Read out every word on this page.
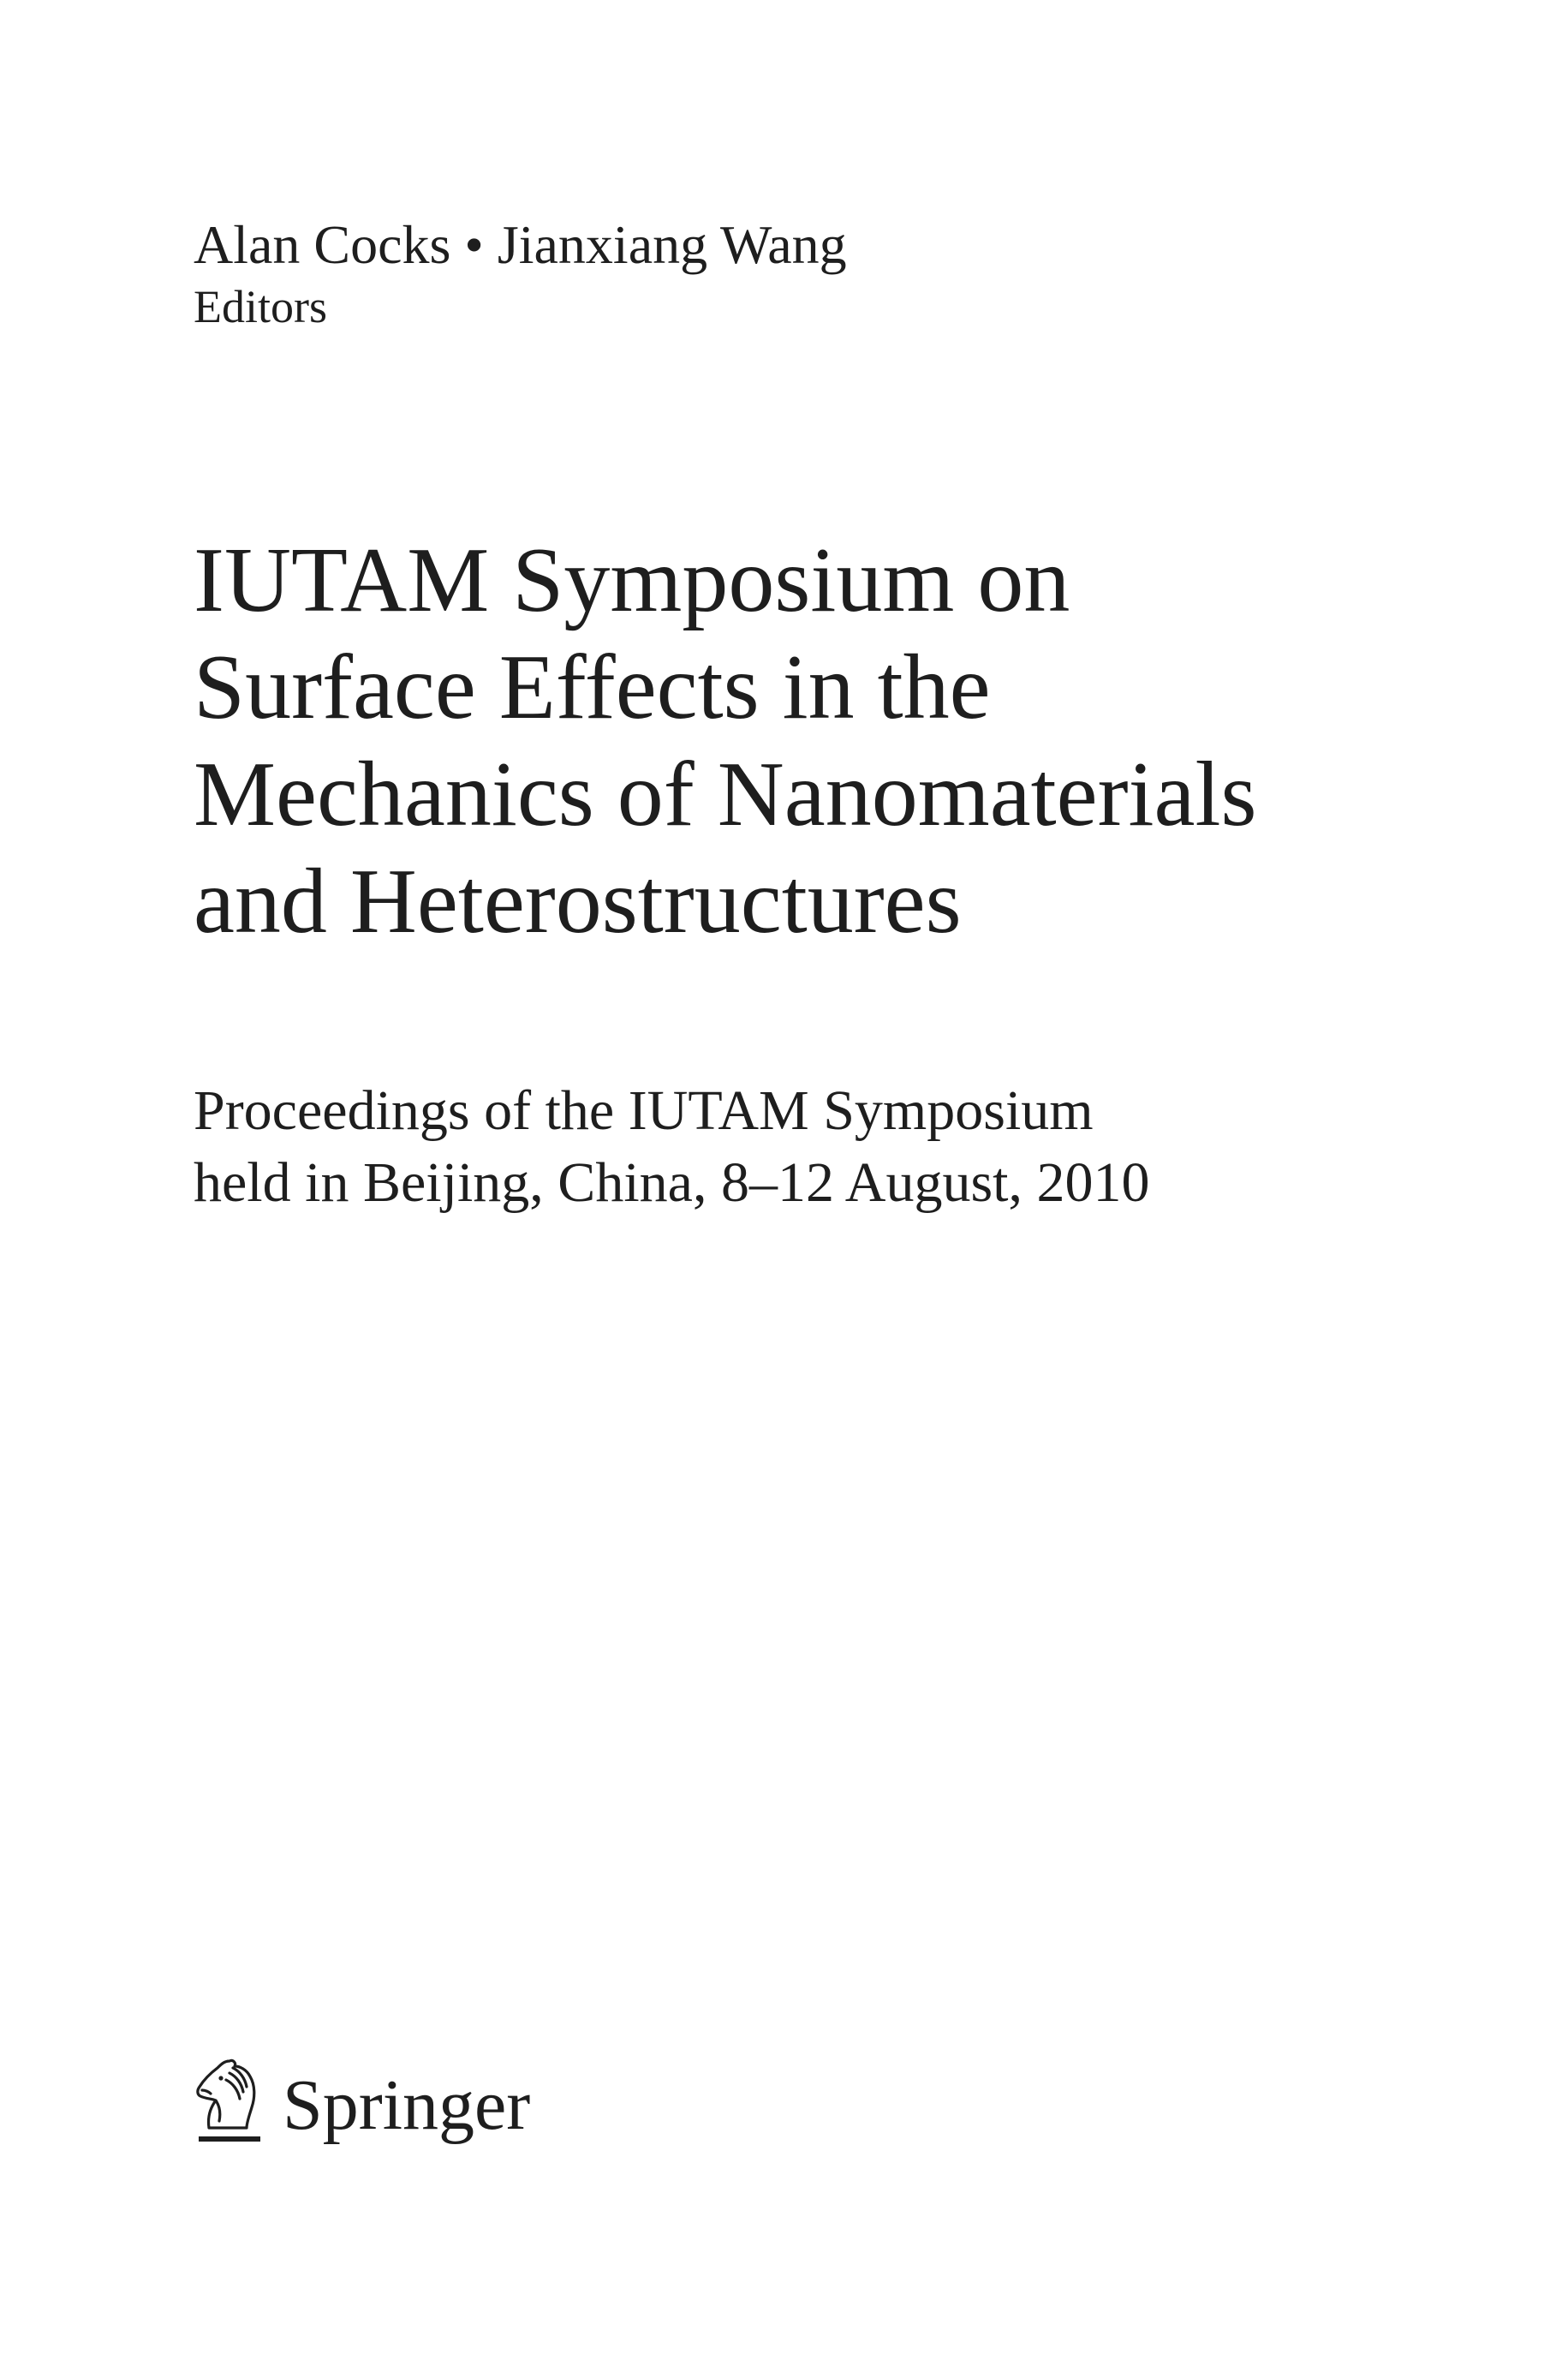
Alan Cocks • Jianxiang Wang
Editors
IUTAM Symposium on
Surface Effects in the
Mechanics of Nanomaterials
and Heterostructures
Proceedings of the IUTAM Symposium
held in Beijing, China, 8–12 August, 2010
Springer
